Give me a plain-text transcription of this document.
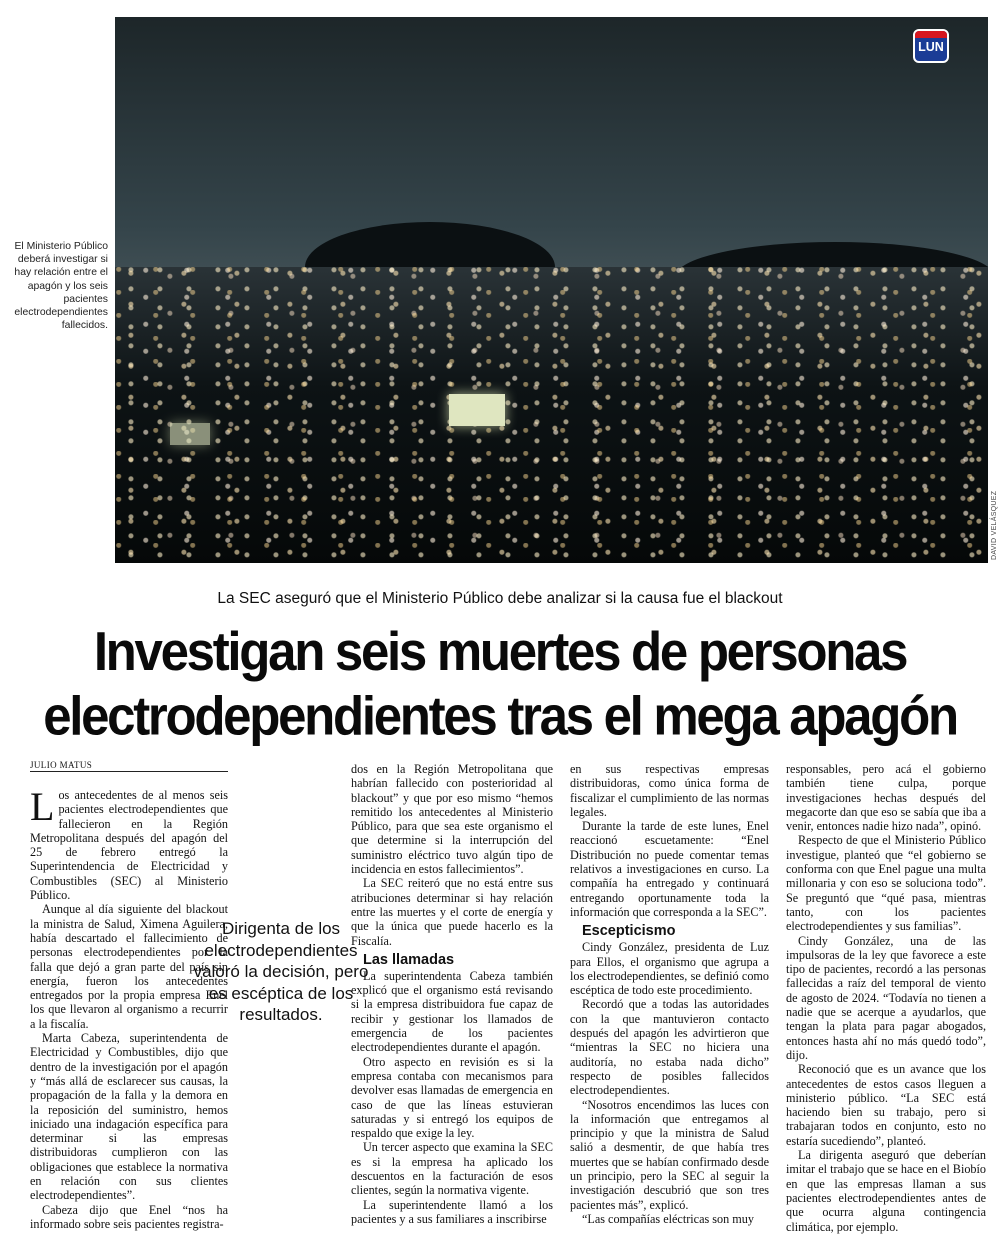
El Ministerio Público deberá investigar si hay relación entre el apagón y los seis pacientes electrodependientes fallecidos.
LUN
DAVID VELÁSQUEZ
La SEC aseguró que el Ministerio Público debe analizar si la causa fue el blackout
Investigan seis muertes de personas
electrodependientes tras el mega apagón
JULIO MATUS

Los antecedentes de al menos seis pacientes electrodependientes que fallecieron en la Región Metropolitana después del apagón del 25 de febrero entregó la Superintendencia de Electricidad y Combustibles (SEC) al Ministerio Público.

Aunque al día siguiente del blackout la ministra de Salud, Ximena Aguilera, había descartado el fallecimiento de personas electrodependientes por la falla que dejó a gran parte del país sin energía, fueron los antecedentes entregados por la propia empresa Enel los que llevaron al organismo a recurrir a la fiscalía.

Marta Cabeza, superintendenta de Electricidad y Combustibles, dijo que dentro de la investigación por el apagón y “más allá de esclarecer sus causas, la propagación de la falla y la demora en la reposición del suministro, hemos iniciado una indagación específica para determinar si las empresas distribuidoras cumplieron con las obligaciones que establece la normativa en relación con sus clientes electrodependientes”.

Cabeza dijo que Enel “nos ha informado sobre seis pacientes registra-

dos en la Región Metropolitana que habrían fallecido con posterioridad al blackout” y que por eso mismo “hemos remitido los antecedentes al Ministerio Público, para que sea este organismo el que determine si la interrupción del suministro eléctrico tuvo algún tipo de incidencia en estos fallecimientos”.

La SEC reiteró que no está entre sus atribuciones determinar si hay relación entre las muertes y el corte de energía y que la única que puede hacerlo es la Fiscalía.

Las llamadas

La superintendenta Cabeza también explicó que el organismo está revisando si la empresa distribuidora fue capaz de recibir y gestionar los llamados de emergencia de los pacientes electrodependientes durante el apagón.

Otro aspecto en revisión es si la empresa contaba con mecanismos para devolver esas llamadas de emergencia en caso de que las líneas estuvieran saturadas y si entregó los equipos de respaldo que exige la ley.

Un tercer aspecto que examina la SEC es si la empresa ha aplicado los descuentos en la facturación de esos clientes, según la normativa vigente.

La superintendente llamó a los pacientes y a sus familiares a inscribirse

en sus respectivas empresas distribuidoras, como única forma de fiscalizar el cumplimiento de las normas legales.

Durante la tarde de este lunes, Enel reaccionó escuetamente: “Enel Distribución no puede comentar temas relativos a investigaciones en curso. La compañía ha entregado y continuará entregando oportunamente toda la información que corresponda a la SEC”.

Escepticismo

Cindy González, presidenta de Luz para Ellos, el organismo que agrupa a los electrodependientes, se definió como escéptica de todo este procedimiento.

Recordó que a todas las autoridades con la que mantuvieron contacto después del apagón les advirtieron que “mientras la SEC no hiciera una auditoría, no estaba nada dicho” respecto de posibles fallecidos electrodependientes.

“Nosotros encendimos las luces con la información que entregamos al principio y que la ministra de Salud salió a desmentir, de que había tres muertes que se habían confirmado desde un principio, pero la SEC al seguir la investigación descubrió que son tres pacientes más”, explicó.

“Las compañías eléctricas son muy

responsables, pero acá el gobierno también tiene culpa, porque investigaciones hechas después del megacorte dan que eso se sabía que iba a venir, entonces nadie hizo nada”, opinó.

Respecto de que el Ministerio Público investigue, planteó que “el gobierno se conforma con que Enel pague una multa millonaria y con eso se soluciona todo”. Se preguntó que “qué pasa, mientras tanto, con los pacientes electrodependientes y sus familias”.

Cindy González, una de las impulsoras de la ley que favorece a este tipo de pacientes, recordó a las personas fallecidas a raíz del temporal de viento de agosto de 2024. “Todavía no tienen a nadie que se acerque a ayudarlos, que tengan la plata para pagar abogados, entonces hasta ahí no más quedó todo”, dijo.

Reconoció que es un avance que los antecedentes de estos casos lleguen a ministerio público. “La SEC está haciendo bien su trabajo, pero si trabajaran todos en conjunto, esto no estaría sucediendo”, planteó.

La dirigenta aseguró que deberían imitar el trabajo que se hace en el Biobío en que las empresas llaman a sus pacientes electrodependientes antes de que ocurra alguna contingencia climática, por ejemplo.

Dirigenta de los electrodependientes valoró la decisión, pero es escéptica de los resultados.
